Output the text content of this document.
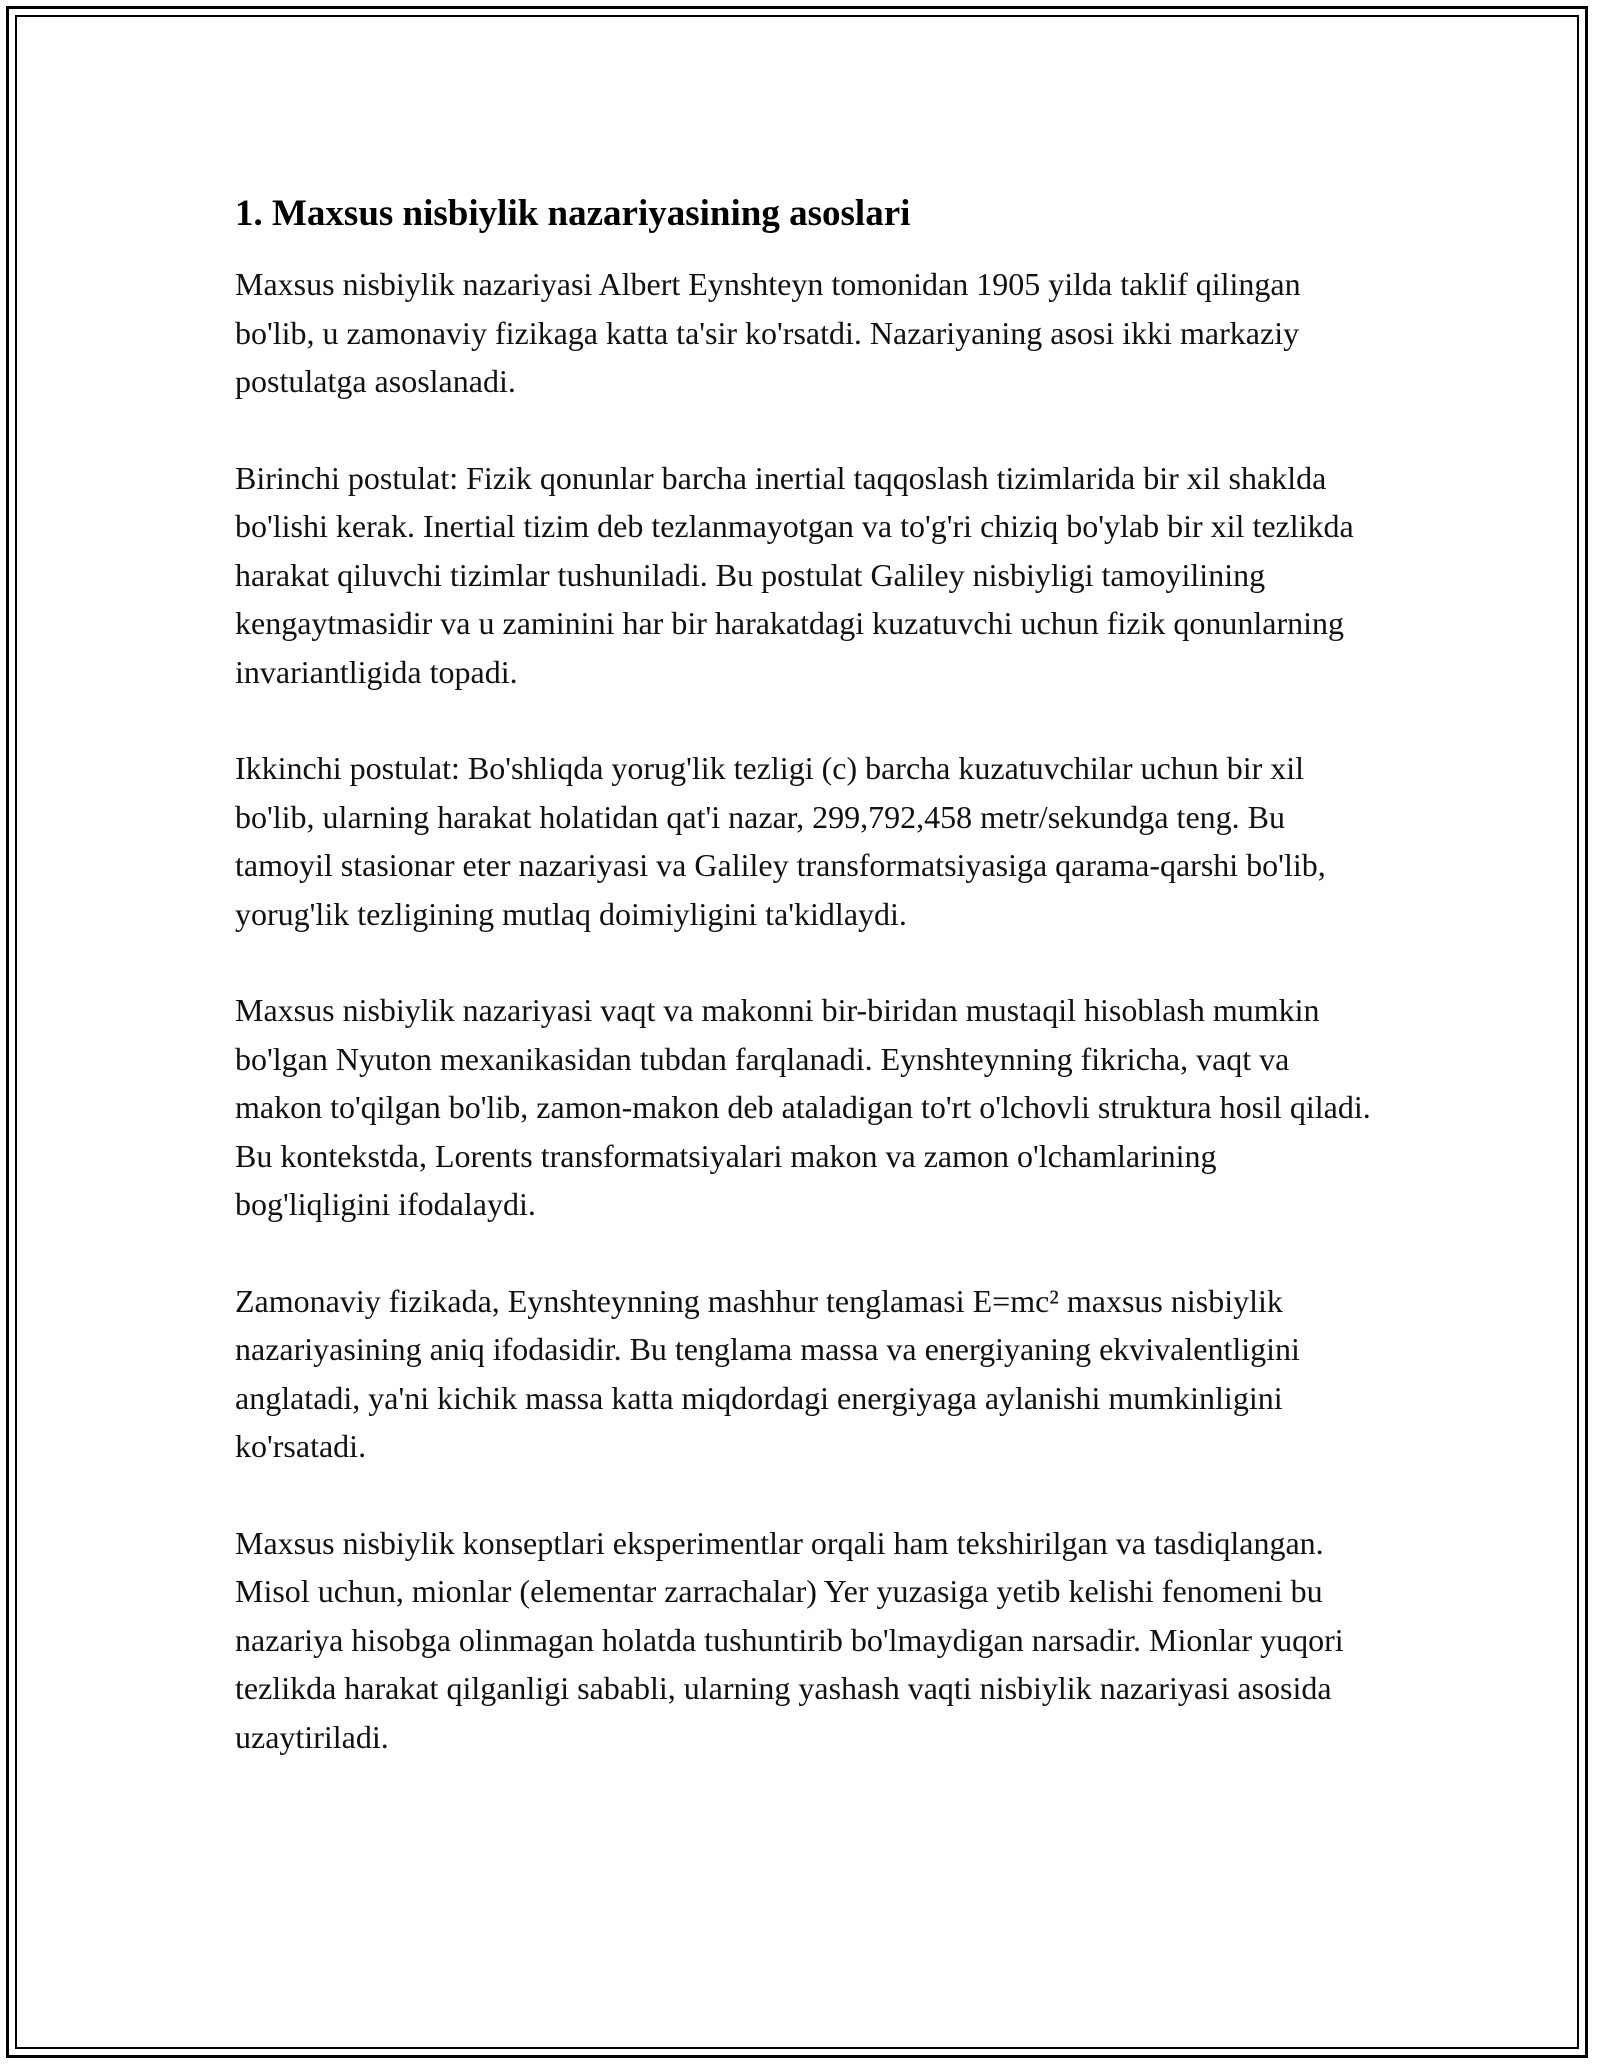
1. Maxsus nisbiylik nazariyasining asoslari

Maxsus nisbiylik nazariyasi Albert Eynshteyn tomonidan 1905 yilda taklif qilingan bo'lib, u zamonaviy fizikaga katta ta'sir ko'rsatdi. Nazariyaning asosi ikki markaziy postulatga asoslanadi.

Birinchi postulat: Fizik qonunlar barcha inertial taqqoslash tizimlarida bir xil shaklda bo'lishi kerak. Inertial tizim deb tezlanmayotgan va to'g'ri chiziq bo'ylab bir xil tezlikda harakat qiluvchi tizimlar tushuniladi. Bu postulat Galiley nisbiyligi tamoyilining kengaytmasidir va u zaminini har bir harakatdagi kuzatuvchi uchun fizik qonunlarning invariantligida topadi.

Ikkinchi postulat: Bo'shliqda yorug'lik tezligi (c) barcha kuzatuvchilar uchun bir xil bo'lib, ularning harakat holatidan qat'i nazar, 299,792,458 metr/sekundga teng. Bu tamoyil stasionar eter nazariyasi va Galiley transformatsiyasiga qarama-qarshi bo'lib, yorug'lik tezligining mutlaq doimiyligini ta'kidlaydi.

Maxsus nisbiylik nazariyasi vaqt va makonni bir-biridan mustaqil hisoblash mumkin bo'lgan Nyuton mexanikasidan tubdan farqlanadi. Eynshteynning fikricha, vaqt va makon to'qilgan bo'lib, zamon-makon deb ataladigan to'rt o'lchovli struktura hosil qiladi. Bu kontekstda, Lorents transformatsiyalari makon va zamon o'lchamlarining bog'liqligini ifodalaydi.

Zamonaviy fizikada, Eynshteynning mashhur tenglamasi E=mc² maxsus nisbiylik nazariyasining aniq ifodasidir. Bu tenglama massa va energiyaning ekvivalentligini anglatadi, ya'ni kichik massa katta miqdordagi energiyaga aylanishi mumkinligini ko'rsatadi.

Maxsus nisbiylik konseptlari eksperimentlar orqali ham tekshirilgan va tasdiqlangan. Misol uchun, mionlar (elementar zarrachalar) Yer yuzasiga yetib kelishi fenomeni bu nazariya hisobga olinmagan holatda tushuntirib bo'lmaydigan narsadir. Mionlar yuqori tezlikda harakat qilganligi sababli, ularning yashash vaqti nisbiylik nazariyasi asosida uzaytiriladi.
